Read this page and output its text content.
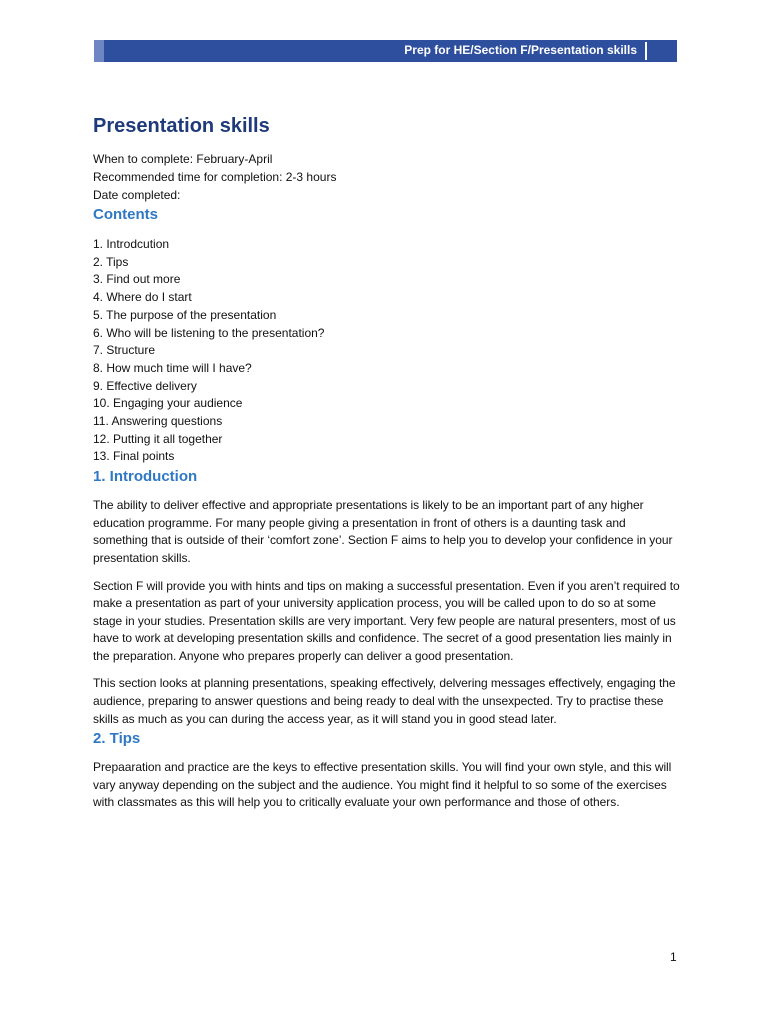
Prep for HE/Section F/Presentation skills
Presentation skills
When to complete: February-April
Recommended time for completion: 2-3 hours
Date completed:
Contents
1. Introdcution
2. Tips
3. Find out more
4. Where do I start
5. The purpose of the presentation
6. Who will be listening to the presentation?
7. Structure
8. How much time will I have?
9. Effective delivery
10. Engaging your audience
11. Answering questions
12. Putting it all together
13. Final points
1. Introduction

The ability to deliver effective and appropriate presentations is likely to be an important part of any higher education programme. For many people giving a presentation in front of others is a daunting task and something that is outside of their ‘comfort zone’. Section F aims to help you to develop your confidence in your presentation skills.

Section F will provide you with hints and tips on making a successful presentation. Even if you aren’t required to make a presentation as part of your university application process, you will be called upon to do so at some stage in your studies. Presentation skills are very important. Very few people are natural presenters, most of us have to work at developing presentation skills and confidence. The secret of a good presentation lies mainly in the preparation. Anyone who prepares properly can deliver a good presentation.

This section looks at planning presentations, speaking effectively, delvering messages effectively, engaging the audience, preparing to answer questions and being ready to deal with the unsexpected. Try to practise these skills as much as you can during the access year, as it will stand you in good stead later.

2. Tips

Prepaaration and practice are the keys to effective presentation skills. You will find your own style, and this will vary anyway depending on the subject and the audience. You might find it helpful to so some of the exercises with classmates as this will help you to critically evaluate your own performance and those of others.

1
